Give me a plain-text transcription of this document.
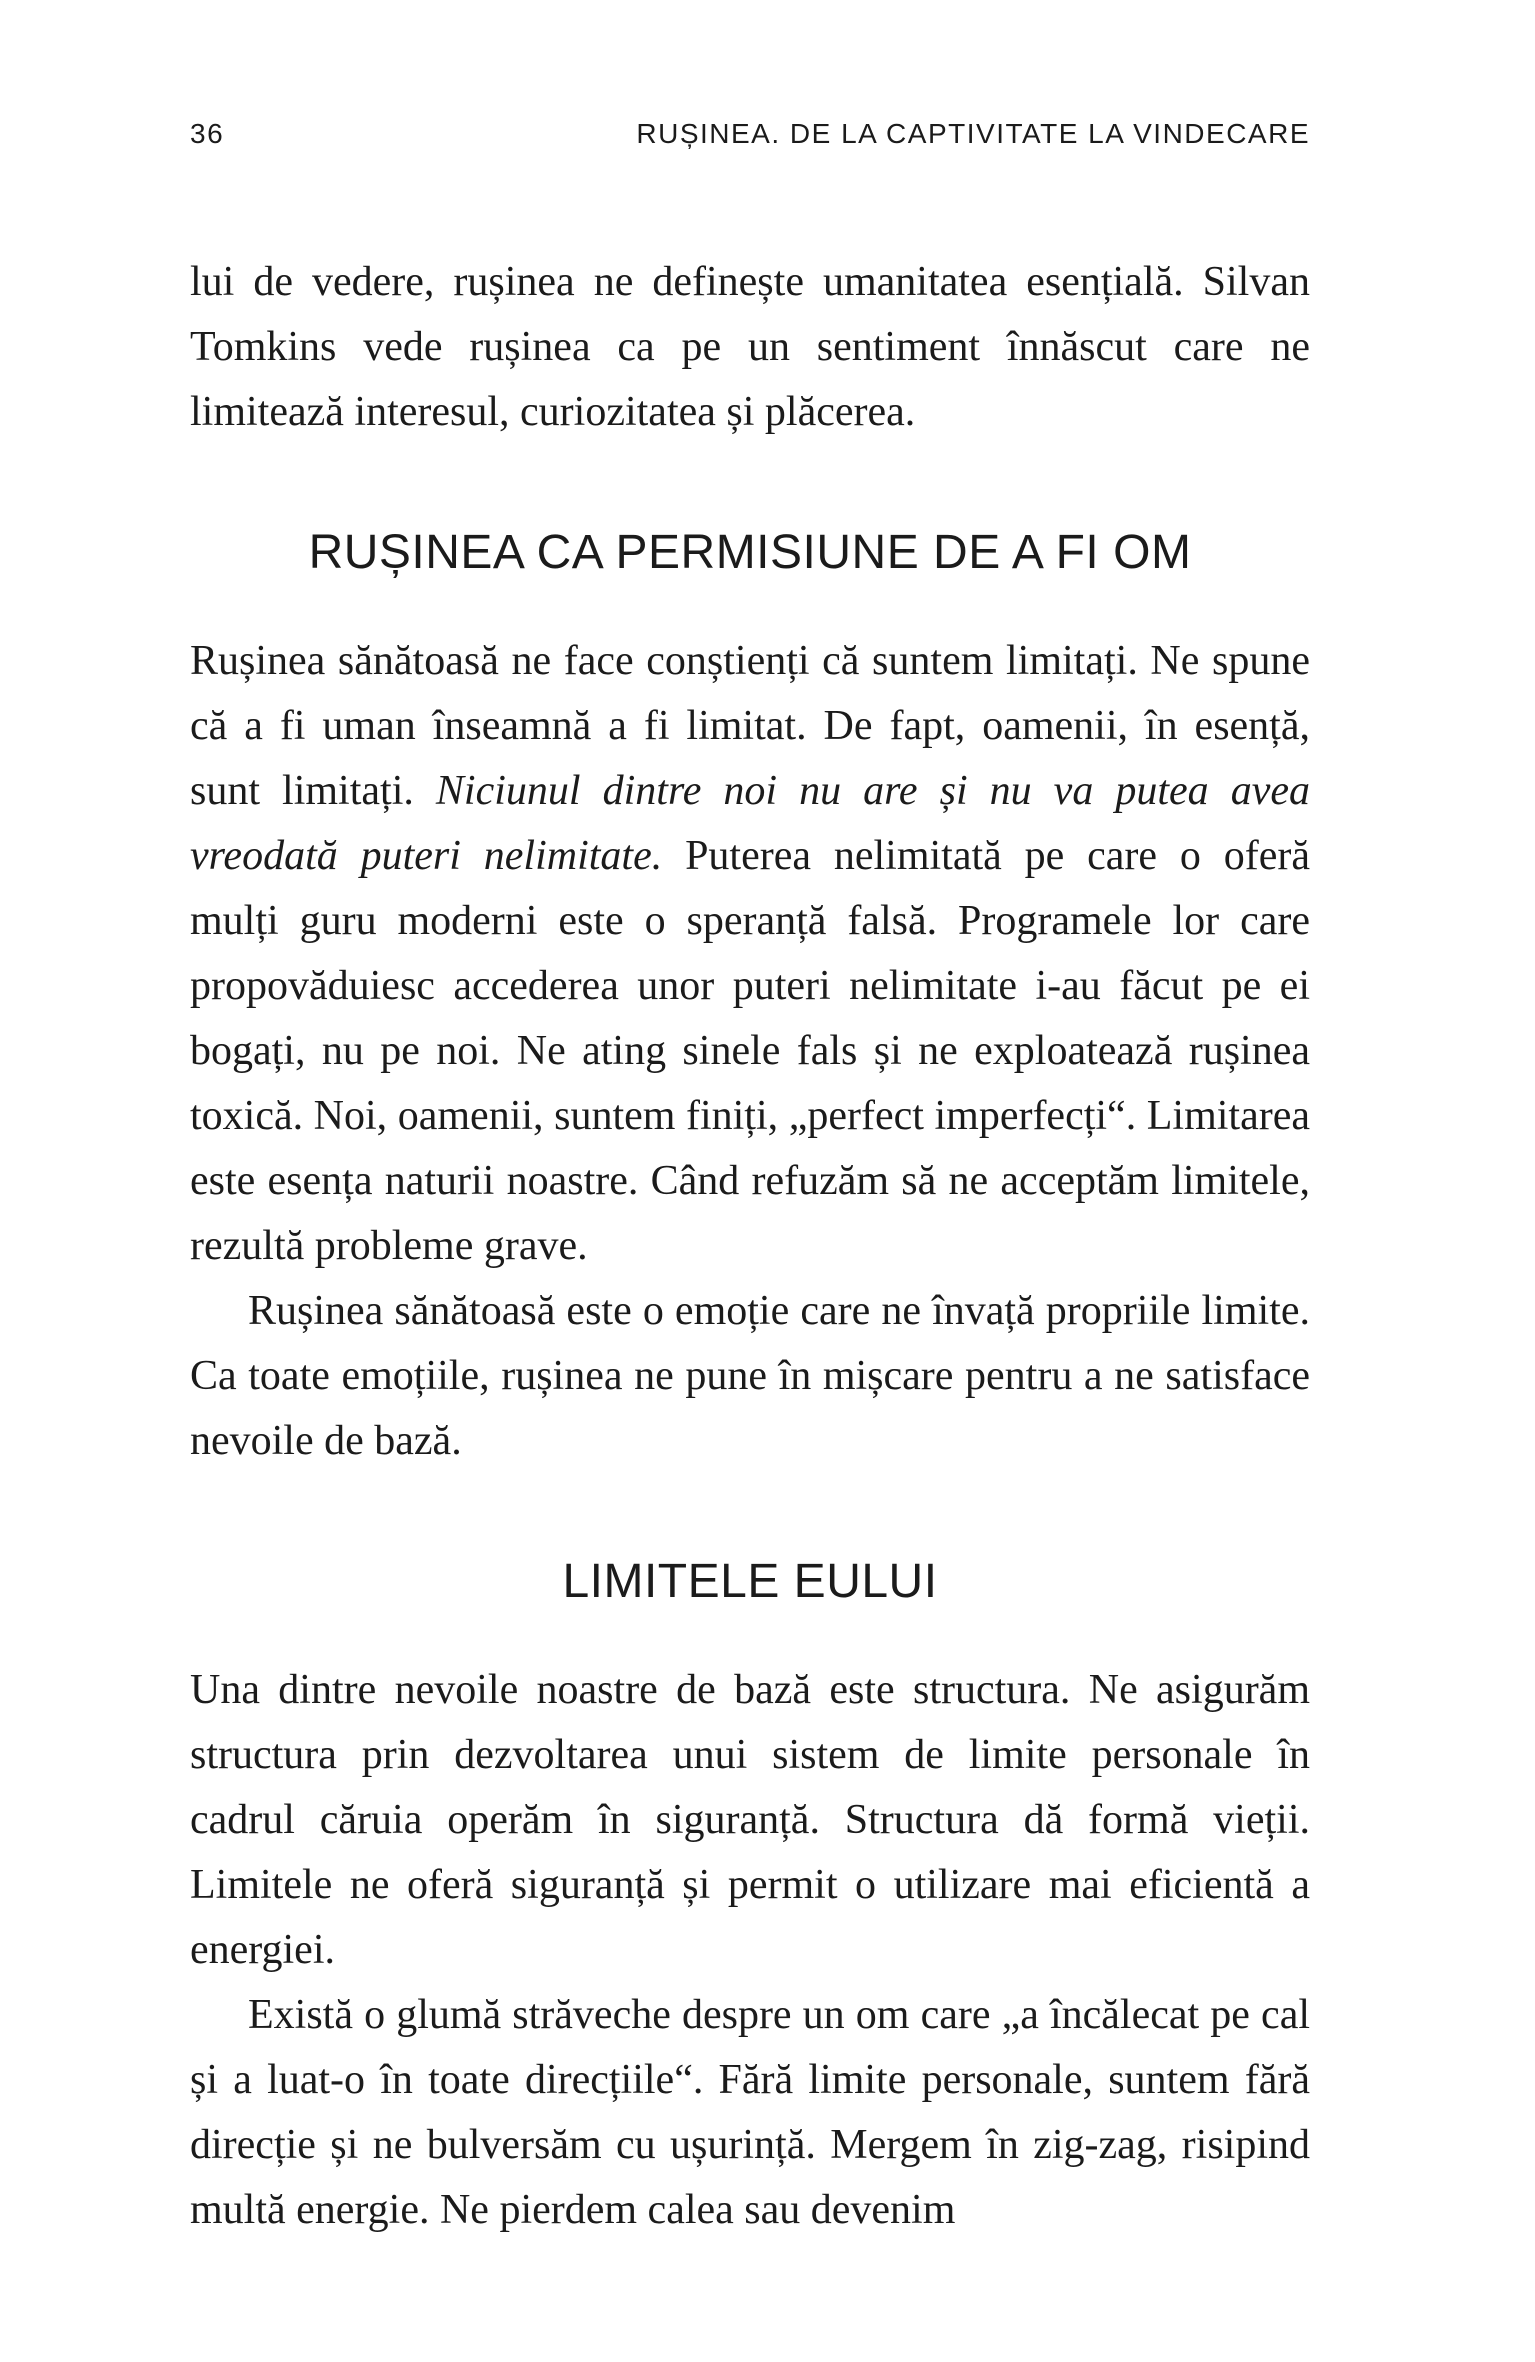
36	RUȘINEA. DE LA CAPTIVITATE LA VINDECARE

lui de vedere, rușinea ne definește umanitatea esențială. Silvan Tomkins vede rușinea ca pe un sentiment înnăscut care ne limitează interesul, curiozitatea și plăcerea.

RUȘINEA CA PERMISIUNE DE A FI OM

Rușinea sănătoasă ne face conștienți că suntem limitați. Ne spune că a fi uman înseamnă a fi limitat. De fapt, oamenii, în esență, sunt limitați. Niciunul dintre noi nu are și nu va putea avea vreodată puteri nelimitate. Puterea nelimitată pe care o oferă mulți guru moderni este o speranță falsă. Programele lor care propovăduiesc accederea unor puteri nelimitate i-au făcut pe ei bogați, nu pe noi. Ne ating sinele fals și ne exploatează rușinea toxică. Noi, oamenii, suntem finiți, „perfect imperfecți“. Limitarea este esența naturii noastre. Când refuzăm să ne acceptăm limitele, rezultă probleme grave.

Rușinea sănătoasă este o emoție care ne învață propriile limite. Ca toate emoțiile, rușinea ne pune în mișcare pentru a ne satisface nevoile de bază.

LIMITELE EULUI

Una dintre nevoile noastre de bază este structura. Ne asigurăm structura prin dezvoltarea unui sistem de limite personale în cadrul căruia operăm în siguranță. Structura dă formă vieții. Limitele ne oferă siguranță și permit o utilizare mai eficientă a energiei.

Există o glumă străveche despre un om care „a încălecat pe cal și a luat-o în toate direcțiile“. Fără limite personale, suntem fără direcție și ne bulversăm cu ușurință. Mergem în zig-zag, risipind multă energie. Ne pierdem calea sau devenim
